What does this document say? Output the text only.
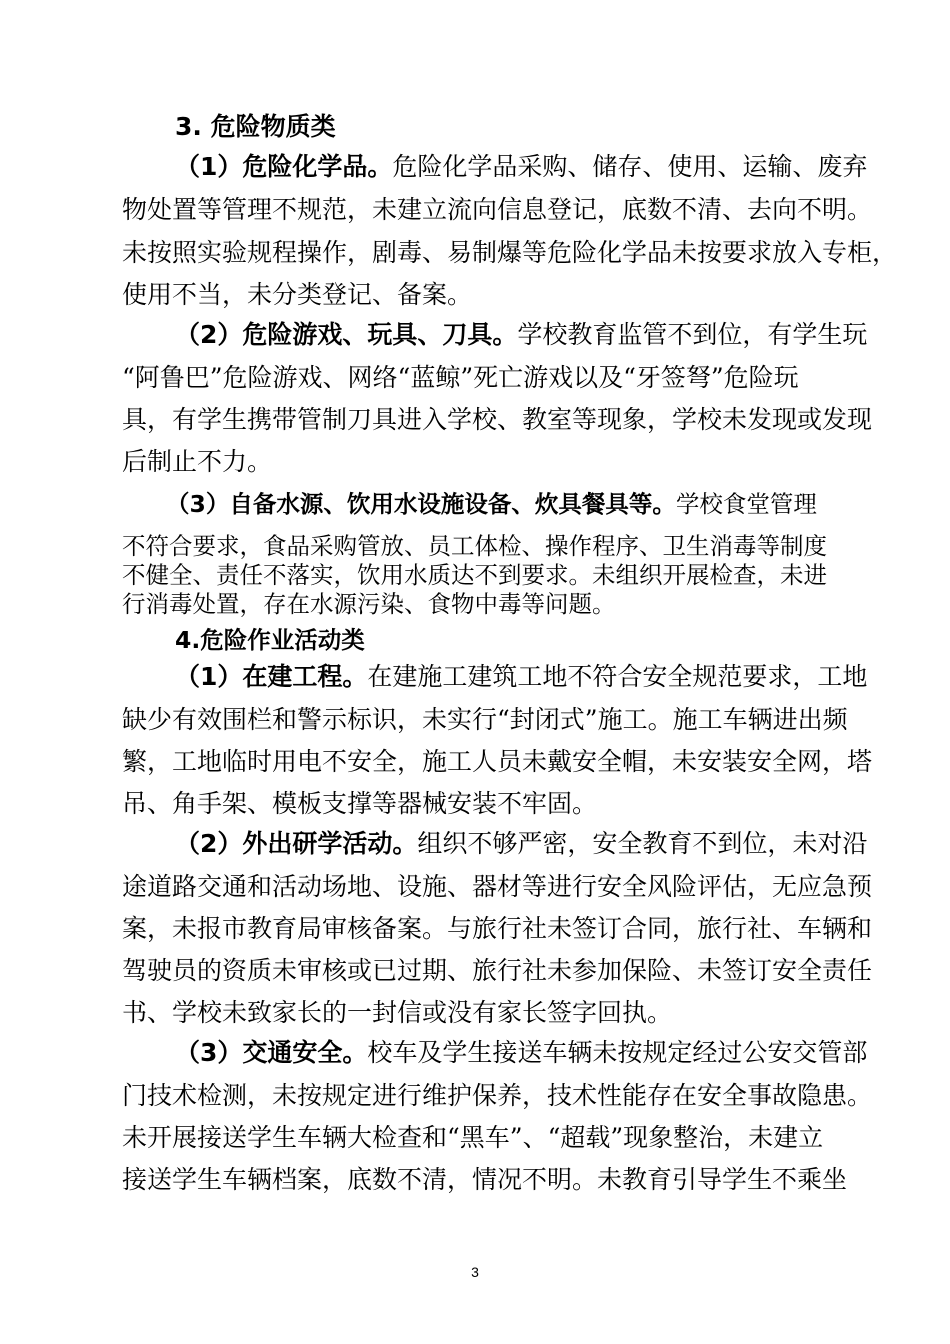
3. 危险物质类
（1）危险化学品。危险化学品采购、储存、使用、运输、废弃
物处置等管理不规范，未建立流向信息登记，底数不清、去向不明。
未按照实验规程操作，剧毒、易制爆等危险化学品未按要求放入专柜，
使用不当，未分类登记、备案。
（2）危险游戏、玩具、刀具。学校教育监管不到位，有学生玩
“阿鲁巴”危险游戏、网络“蓝鲸”死亡游戏以及“牙签弩”危险玩
具，有学生携带管制刀具进入学校、教室等现象，学校未发现或发现
后制止不力。
（3）自备水源、饮用水设施设备、炊具餐具等。学校食堂管理
不符合要求，食品采购管放、员工体检、操作程序、卫生消毒等制度
不健全、责任不落实，饮用水质达不到要求。未组织开展检查，未进
行消毒处置，存在水源污染、食物中毒等问题。
4.危险作业活动类
（1）在建工程。在建施工建筑工地不符合安全规范要求，工地
缺少有效围栏和警示标识，未实行“封闭式”施工。施工车辆进出频
繁，工地临时用电不安全，施工人员未戴安全帽，未安装安全网，塔
吊、角手架、模板支撑等器械安装不牢固。
（2）外出研学活动。组织不够严密，安全教育不到位，未对沿
途道路交通和活动场地、设施、器材等进行安全风险评估，无应急预
案，未报市教育局审核备案。与旅行社未签订合同，旅行社、车辆和
驾驶员的资质未审核或已过期、旅行社未参加保险、未签订安全责任
书、学校未致家长的一封信或没有家长签字回执。
（3）交通安全。校车及学生接送车辆未按规定经过公安交管部
门技术检测，未按规定进行维护保养，技术性能存在安全事故隐患。
未开展接送学生车辆大检查和“黑车”、“超载”现象整治，未建立
接送学生车辆档案，底数不清，情况不明。未教育引导学生不乘坐
3
